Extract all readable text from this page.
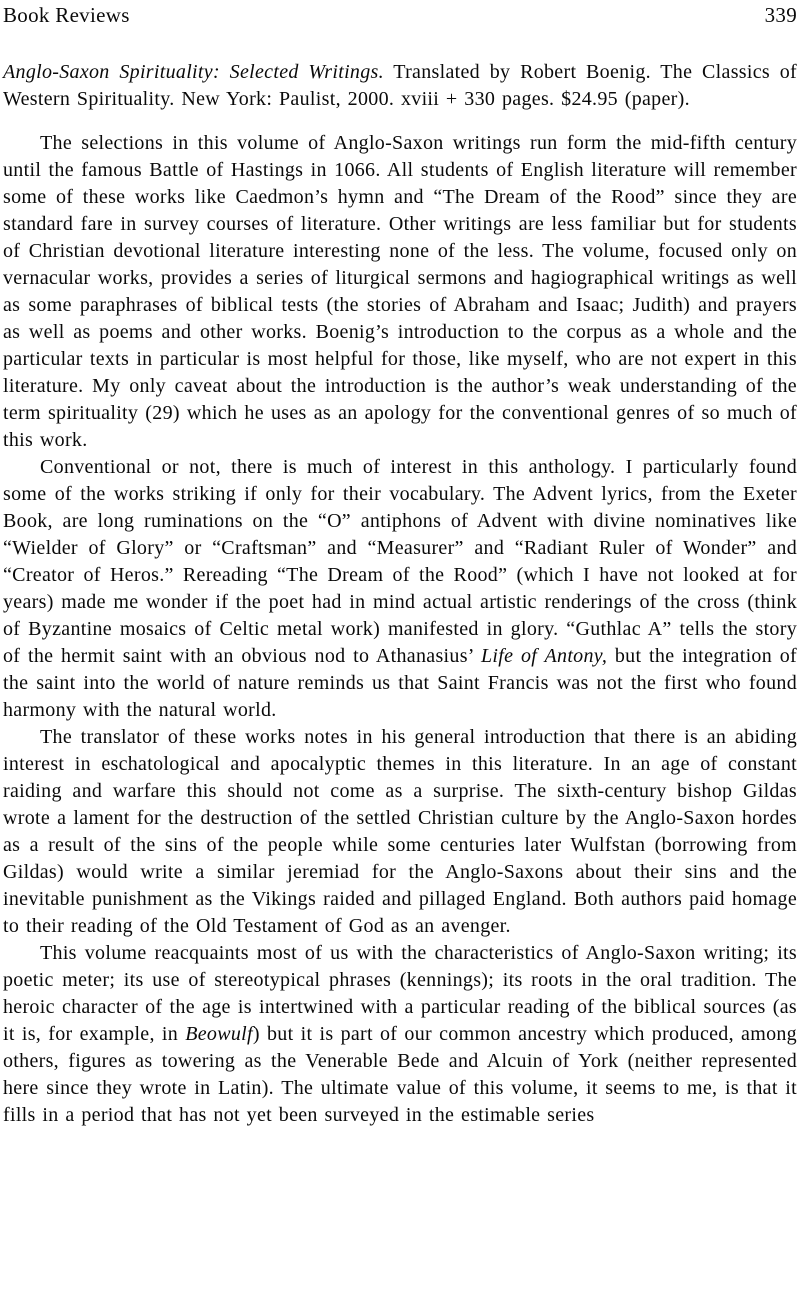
Book Reviews	339

Anglo-Saxon Spirituality: Selected Writings. Translated by Robert Boenig. The Classics of Western Spirituality. New York: Paulist, 2000. xviii + 330 pages. $24.95 (paper).

The selections in this volume of Anglo-Saxon writings run form the mid-fifth century until the famous Battle of Hastings in 1066. All students of English literature will remember some of these works like Caedmon’s hymn and “The Dream of the Rood” since they are standard fare in survey courses of literature. Other writings are less familiar but for students of Christian devotional literature interesting none of the less. The volume, focused only on vernacular works, provides a series of liturgical sermons and hagiographical writings as well as some paraphrases of biblical tests (the stories of Abraham and Isaac; Judith) and prayers as well as poems and other works. Boenig’s introduction to the corpus as a whole and the particular texts in particular is most helpful for those, like myself, who are not expert in this literature. My only caveat about the introduction is the author’s weak understanding of the term spirituality (29) which he uses as an apology for the conventional genres of so much of this work.

Conventional or not, there is much of interest in this anthology. I particularly found some of the works striking if only for their vocabulary. The Advent lyrics, from the Exeter Book, are long ruminations on the “O” antiphons of Advent with divine nominatives like “Wielder of Glory” or “Craftsman” and “Measurer” and “Radiant Ruler of Wonder” and “Creator of Heros.” Rereading “The Dream of the Rood” (which I have not looked at for years) made me wonder if the poet had in mind actual artistic renderings of the cross (think of Byzantine mosaics of Celtic metal work) manifested in glory. “Guthlac A” tells the story of the hermit saint with an obvious nod to Athanasius’ Life of Antony, but the integration of the saint into the world of nature reminds us that Saint Francis was not the first who found harmony with the natural world.

The translator of these works notes in his general introduction that there is an abiding interest in eschatological and apocalyptic themes in this literature. In an age of constant raiding and warfare this should not come as a surprise. The sixth-century bishop Gildas wrote a lament for the destruction of the settled Christian culture by the Anglo-Saxon hordes as a result of the sins of the people while some centuries later Wulfstan (borrowing from Gildas) would write a similar jeremiad for the Anglo-Saxons about their sins and the inevitable punishment as the Vikings raided and pillaged England. Both authors paid homage to their reading of the Old Testament of God as an avenger.

This volume reacquaints most of us with the characteristics of Anglo-Saxon writing; its poetic meter; its use of stereotypical phrases (kennings); its roots in the oral tradition. The heroic character of the age is intertwined with a particular reading of the biblical sources (as it is, for example, in Beowulf) but it is part of our common ancestry which produced, among others, figures as towering as the Venerable Bede and Alcuin of York (neither represented here since they wrote in Latin). The ultimate value of this volume, it seems to me, is that it fills in a period that has not yet been surveyed in the estimable series
